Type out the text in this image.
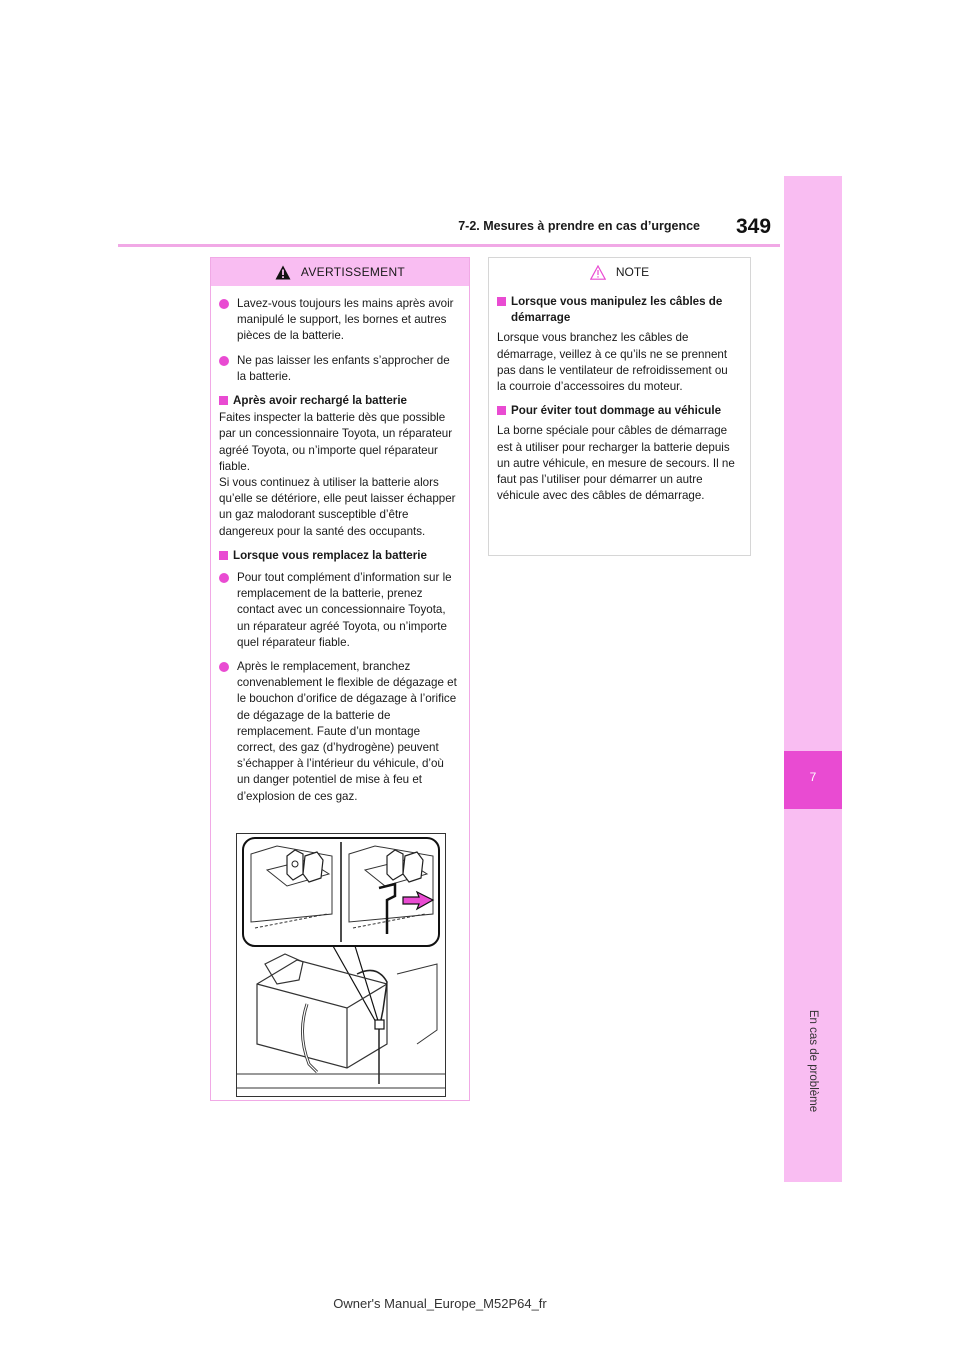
7-2. Mesures à prendre en cas d’urgence 349
7
En cas de problème
AVERTISSEMENT
Lavez-vous toujours les mains après avoir manipulé le support, les bornes et autres pièces de la batterie.
Ne pas laisser les enfants s’approcher de la batterie.
Après avoir rechargé la batterie
Faites inspecter la batterie dès que possible par un concessionnaire Toyota, un réparateur agréé Toyota, ou n’importe quel réparateur fiable.
Si vous continuez à utiliser la batterie alors qu’elle se détériore, elle peut laisser échapper un gaz malodorant susceptible d’être dangereux pour la santé des occupants.
Lorsque vous remplacez la batterie
Pour tout complément d’information sur le remplacement de la batterie, prenez contact avec un concessionnaire Toyota, un réparateur agréé Toyota, ou n’importe quel réparateur fiable.
Après le remplacement, branchez convenablement le flexible de dégazage et le bouchon d’orifice de dégazage à l’orifice de dégazage de la batterie de remplacement. Faute d’un montage correct, des gaz (d’hydrogène) peuvent s’échapper à l’intérieur du véhicule, d’où un danger potentiel de mise à feu et d’explosion de ces gaz.
NOTE
Lorsque vous manipulez les câbles de démarrage
Lorsque vous branchez les câbles de démarrage, veillez à ce qu’ils ne se prennent pas dans le ventilateur de refroidissement ou la courroie d’accessoires du moteur.
Pour éviter tout dommage au véhicule
La borne spéciale pour câbles de démarrage est à utiliser pour recharger la batterie depuis un autre véhicule, en mesure de secours. Il ne faut pas l’utiliser pour démarrer un autre véhicule avec des câbles de démarrage.
Owner's Manual_Europe_M52P64_fr
